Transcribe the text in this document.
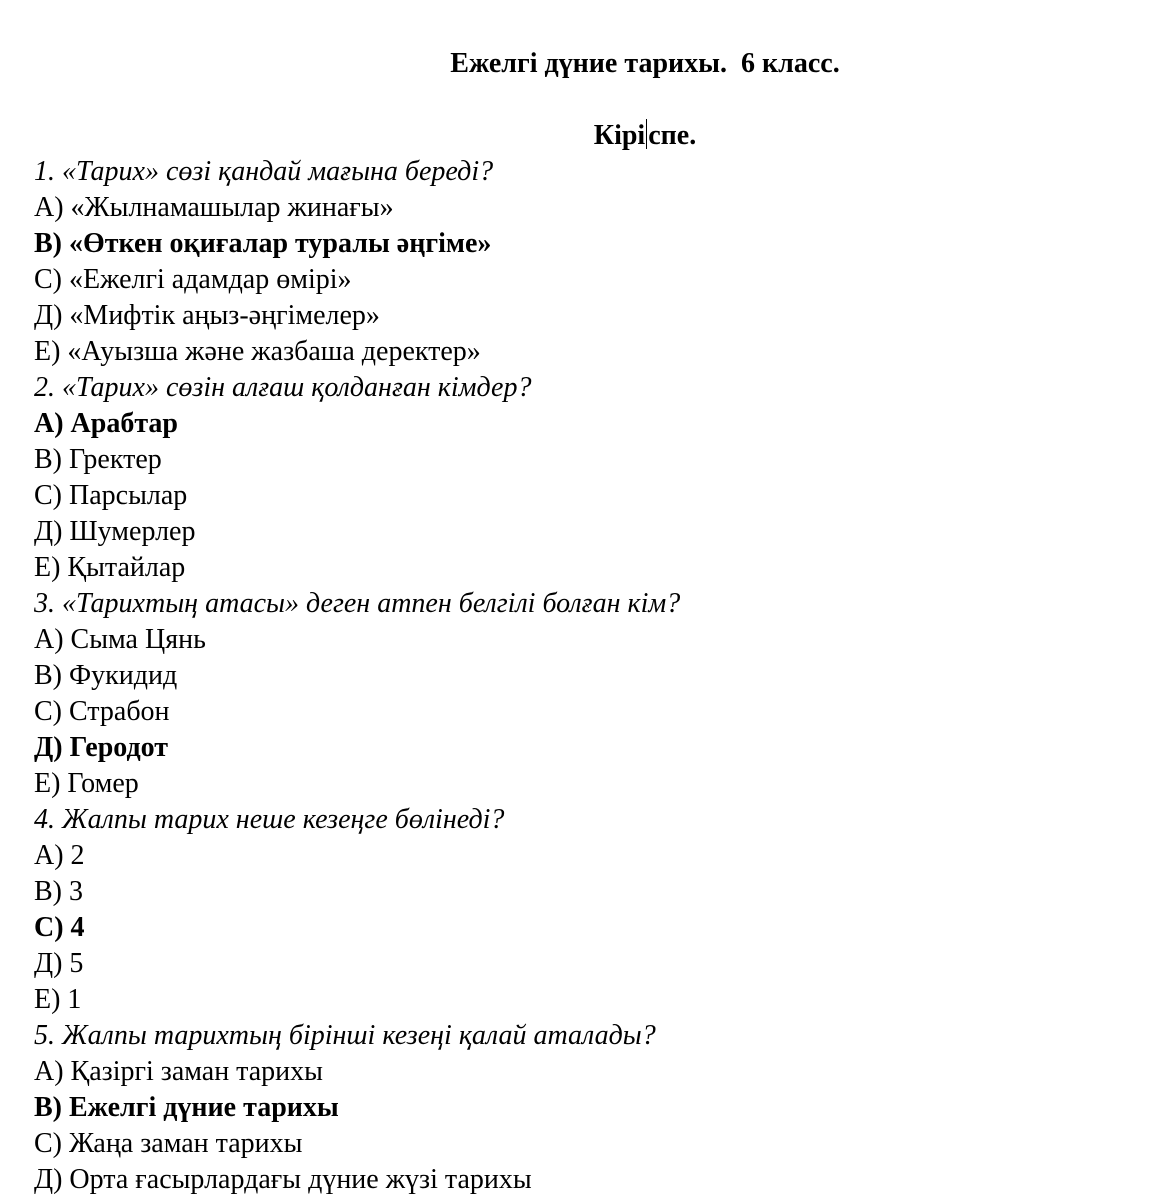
Ежелгі дүние тарихы.  6 класс.
Кірі спе.
1. «Тарих» сөзі қандай мағына береді?
А) «Жылнамашылар жинағы»
В) «Өткен оқиғалар туралы әңгіме»
С) «Ежелгі адамдар өмірі»
Д) «Мифтік аңыз-әңгімелер»
Е) «Ауызша және жазбаша деректер»
2. «Тарих» сөзін алғаш қолданған кімдер?
А) Арабтар
В) Гректер
С) Парсылар
Д) Шумерлер
Е) Қытайлар
3. «Тарихтың атасы» деген атпен белгілі болған кім?
А) Сыма Цянь
В) Фукидид
С) Страбон
Д) Геродот
Е) Гомер
4. Жалпы тарих неше кезеңге бөлінеді?
А) 2
В) 3
С) 4
Д) 5
Е) 1
5. Жалпы тарихтың бірінші кезеңі қалай аталады?
А) Қазіргі заман тарихы
В) Ежелгі дүние тарихы
С) Жаңа заман тарихы
Д) Орта ғасырлардағы дүние жүзі тарихы
